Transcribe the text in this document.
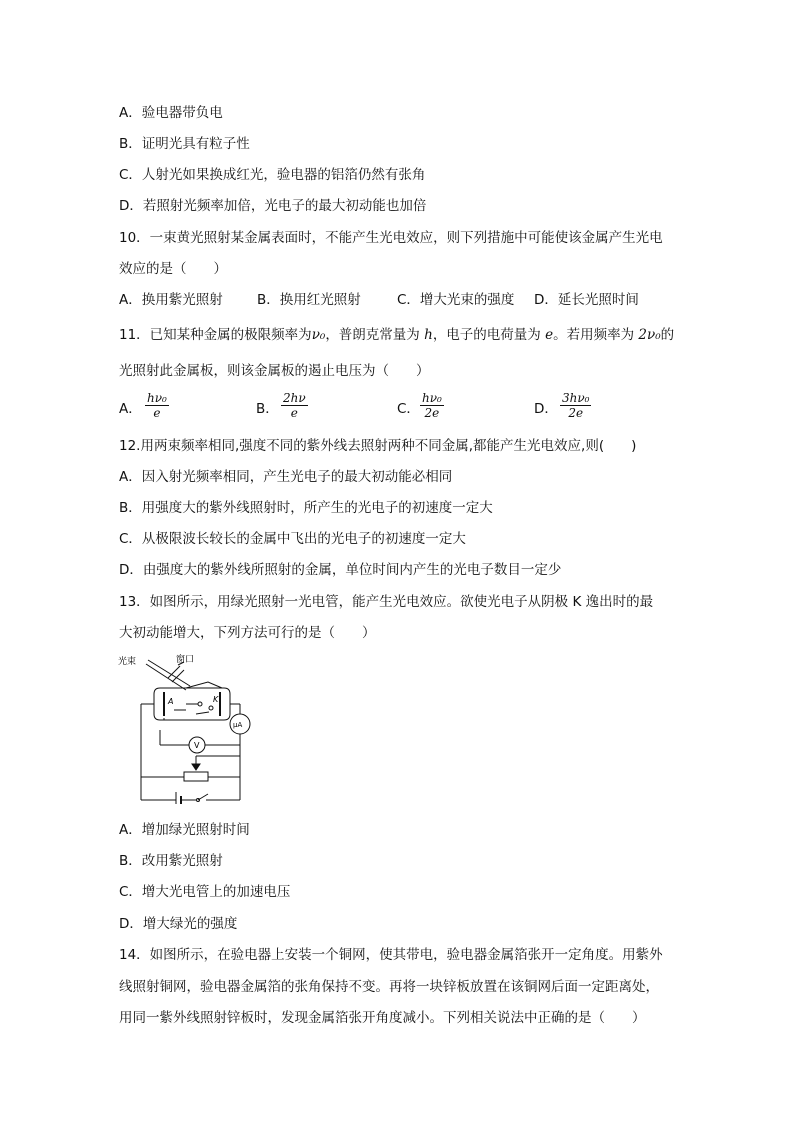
A．验电器带负电
B．证明光具有粒子性
C．人射光如果换成红光，验电器的铝箔仍然有张角
D．若照射光频率加倍，光电子的最大初动能也加倍
10．一束黄光照射某金属表面时，不能产生光电效应，则下列措施中可能使该金属产生光电
效应的是（　　）
A．换用紫光照射	B．换用红光照射	C．增大光束的强度 D．延长光照时间
11．已知某种金属的极限频率为ν₀，普朗克常量为 h，电子的电荷量为 e。若用频率为 2ν₀的
光照射此金属板，则该金属板的遏止电压为（　　）
A． $\frac{\text{hν₀}}{e}$	B． $\frac{2h\nu}{e}$	C． $\frac{\text{hν₀}}{2e}$	D． $\frac{\text{3hν₀}}{2e}$
12.用两束频率相同,强度不同的紫外线去照射两种不同金属,都能产生光电效应,则(　　)
A．因入射光频率相同，产生光电子的最大初动能必相同
B．用强度大的紫外线照射时，所产生的光电子的初速度一定大
C．从极限波长较长的金属中飞出的光电子的初速度一定大
D．由强度大的紫外线所照射的金属，单位时间内产生的光电子数目一定少
13．如图所示，用绿光照射一光电管，能产生光电效应。欲使光电子从阴极 K 逸出时的最
大初动能增大，下列方法可行的是（　　）
光束	窗口
A	K
μA
V
A．增加绿光照射时间
B．改用紫光照射
C．增大光电管上的加速电压
D．增大绿光的强度
14．如图所示，在验电器上安装一个铜网，使其带电，验电器金属箔张开一定角度。用紫外
线照射铜网，验电器金属箔的张角保持不变。再将一块锌板放置在该铜网后面一定距离处，
用同一紫外线照射锌板时，发现金属箔张开角度减小。下列相关说法中正确的是（　　）
